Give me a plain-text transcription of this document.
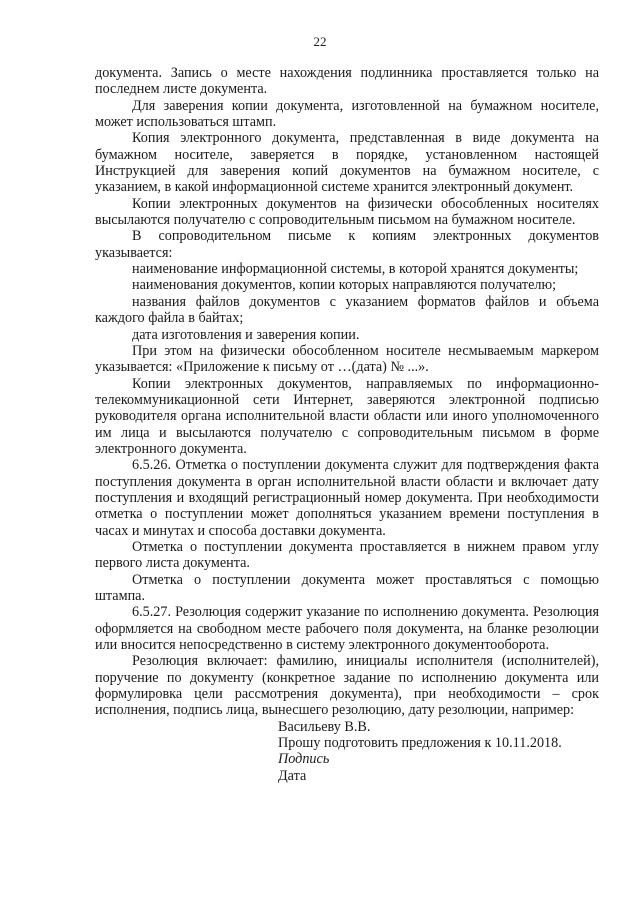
22

документа. Запись о месте нахождения подлинника проставляется только на последнем листе документа.

Для заверения копии документа, изготовленной на бумажном носителе, может использоваться штамп.

Копия электронного документа, представленная в виде документа на бумажном носителе, заверяется в порядке, установленном настоящей Инструкцией для заверения копий документов на бумажном носителе, с указанием, в какой информационной системе хранится электронный документ.

Копии электронных документов на физически обособленных носителях высылаются получателю с сопроводительным письмом на бумажном носителе.

В сопроводительном письме к копиям электронных документов указывается:

наименование информационной системы, в которой хранятся документы;

наименования документов, копии которых направляются получателю;

названия файлов документов с указанием форматов файлов и объема каждого файла в байтах;

дата изготовления и заверения копии.

При этом на физически обособленном носителе несмываемым маркером указывается: «Приложение к письму от …(дата) № ...».

Копии электронных документов, направляемых по информационно-телекоммуникационной сети Интернет, заверяются электронной подписью руководителя органа исполнительной власти области или иного уполномоченного им лица и высылаются получателю с сопроводительным письмом в форме электронного документа.

6.5.26. Отметка о поступлении документа служит для подтверждения факта поступления документа в орган исполнительной власти области и включает дату поступления и входящий регистрационный номер документа. При необходимости отметка о поступлении может дополняться указанием времени поступления в часах и минутах и способа доставки документа.

Отметка о поступлении документа проставляется в нижнем правом углу первого листа документа.

Отметка о поступлении документа может проставляться с помощью штампа.

6.5.27. Резолюция содержит указание по исполнению документа. Резолюция оформляется на свободном месте рабочего поля документа, на бланке резолюции или вносится непосредственно в систему электронного документооборота.

Резолюция включает: фамилию, инициалы исполнителя (исполнителей), поручение по документу (конкретное задание по исполнению документа или формулировка цели рассмотрения документа), при необходимости – срок исполнения, подпись лица, вынесшего резолюцию, дату резолюции, например:

Васильеву В.В.
Прошу подготовить предложения к 10.11.2018.
Подпись
Дата
